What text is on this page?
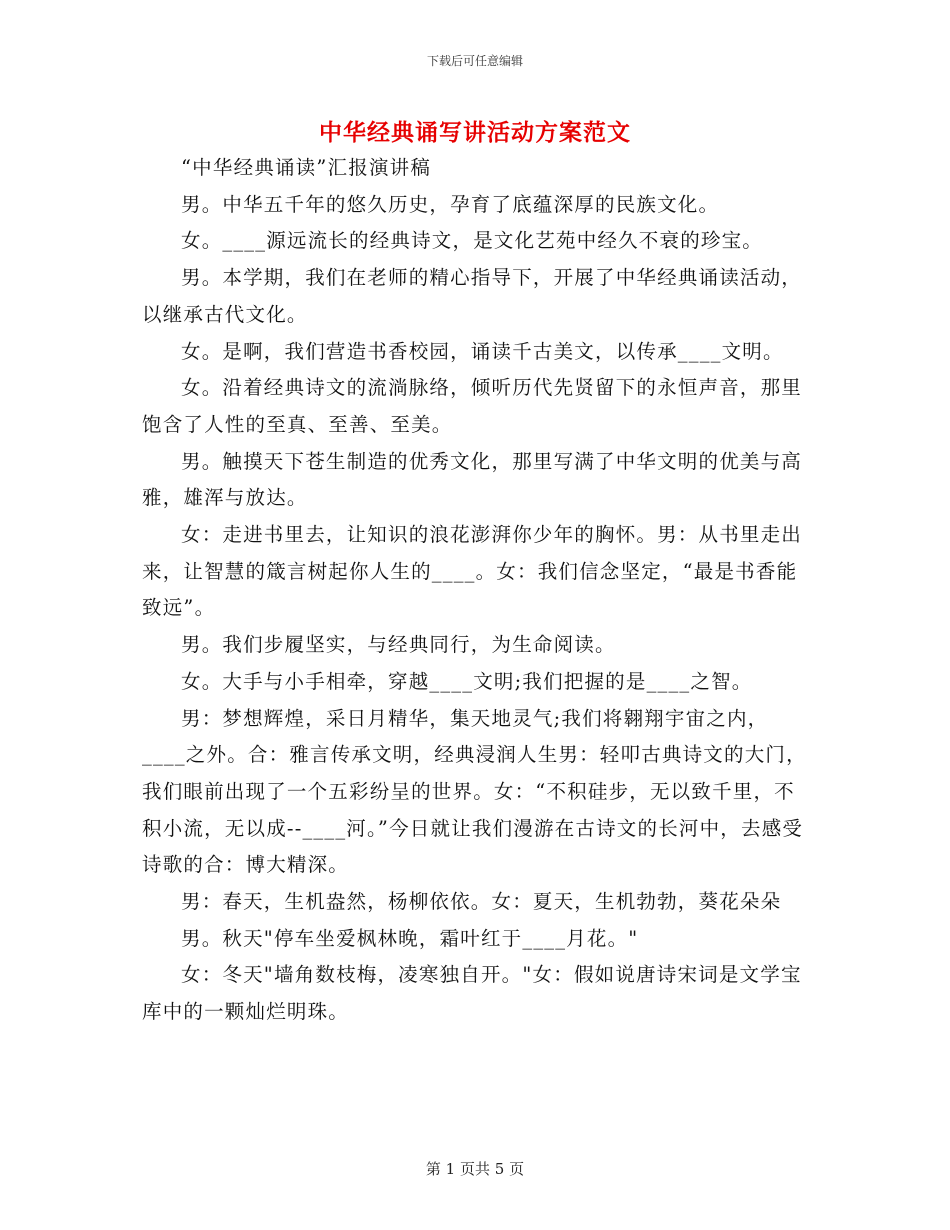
下载后可任意编辑
中华经典诵写讲活动方案范文

“中华经典诵读”汇报演讲稿

男。中华五千年的悠久历史，孕育了底蕴深厚的民族文化。

女。____源远流长的经典诗文，是文化艺苑中经久不衰的珍宝。

男。本学期，我们在老师的精心指导下，开展了中华经典诵读活动，以继承古代文化。

女。是啊，我们营造书香校园，诵读千古美文，以传承____文明。

女。沿着经典诗文的流淌脉络，倾听历代先贤留下的永恒声音，那里饱含了人性的至真、至善、至美。

男。触摸天下苍生制造的优秀文化，那里写满了中华文明的优美与高雅，雄浑与放达。

女：走进书里去，让知识的浪花澎湃你少年的胸怀。男：从书里走出来，让智慧的箴言树起你人生的____。女：我们信念坚定，“最是书香能致远”。

男。我们步履坚实，与经典同行，为生命阅读。

女。大手与小手相牵，穿越____文明;我们把握的是____之智。

男：梦想辉煌，采日月精华，集天地灵气;我们将翱翔宇宙之内，____之外。合：雅言传承文明，经典浸润人生男：轻叩古典诗文的大门，我们眼前出现了一个五彩纷呈的世界。女：“不积硅步，无以致千里，不积小流，无以成--____河。”今日就让我们漫游在古诗文的长河中，去感受诗歌的合：博大精深。

男：春天，生机盎然，杨柳依依。女：夏天，生机勃勃，葵花朵朵

男。秋天"停车坐爱枫林晚，霜叶红于____月花。"

女：冬天"墙角数枝梅，凌寒独自开。"女：假如说唐诗宋词是文学宝库中的一颗灿烂明珠。

第 1 页共 5 页
